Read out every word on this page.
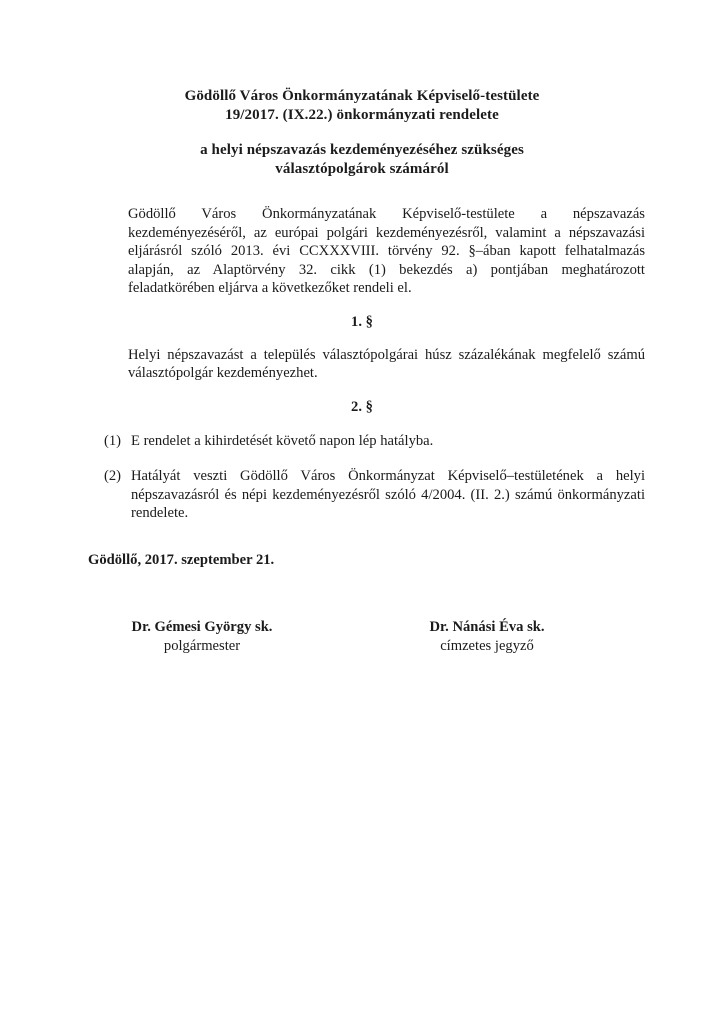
Gödöllő Város Önkormányzatának Képviselő-testülete
19/2017. (IX.22.) önkormányzati rendelete
a helyi népszavazás kezdeményezéséhez szükséges
választópolgárok számáról

Gödöllő Város Önkormányzatának Képviselő-testülete a népszavazás kezdeményezéséről, az európai polgári kezdeményezésről, valamint a népszavazási eljárásról szóló 2013. évi CCXXXVIII. törvény 92. §–ában kapott felhatalmazás alapján, az Alaptörvény 32. cikk (1) bekezdés a) pontjában meghatározott feladatkörében eljárva a következőket rendeli el.

1. §

Helyi népszavazást a település választópolgárai húsz százalékának megfelelő számú választópolgár kezdeményezhet.

2. §
(1) E rendelet a kihirdetését követő napon lép hatályba.
(2) Hatályát veszti Gödöllő Város Önkormányzat Képviselő–testületének a helyi népszavazásról és népi kezdeményezésről szóló 4/2004. (II. 2.) számú önkormányzati rendelete.
Gödöllő, 2017. szeptember 21.
Dr. Gémesi György sk.
polgármester
Dr. Nánási Éva sk.
címzetes jegyző
